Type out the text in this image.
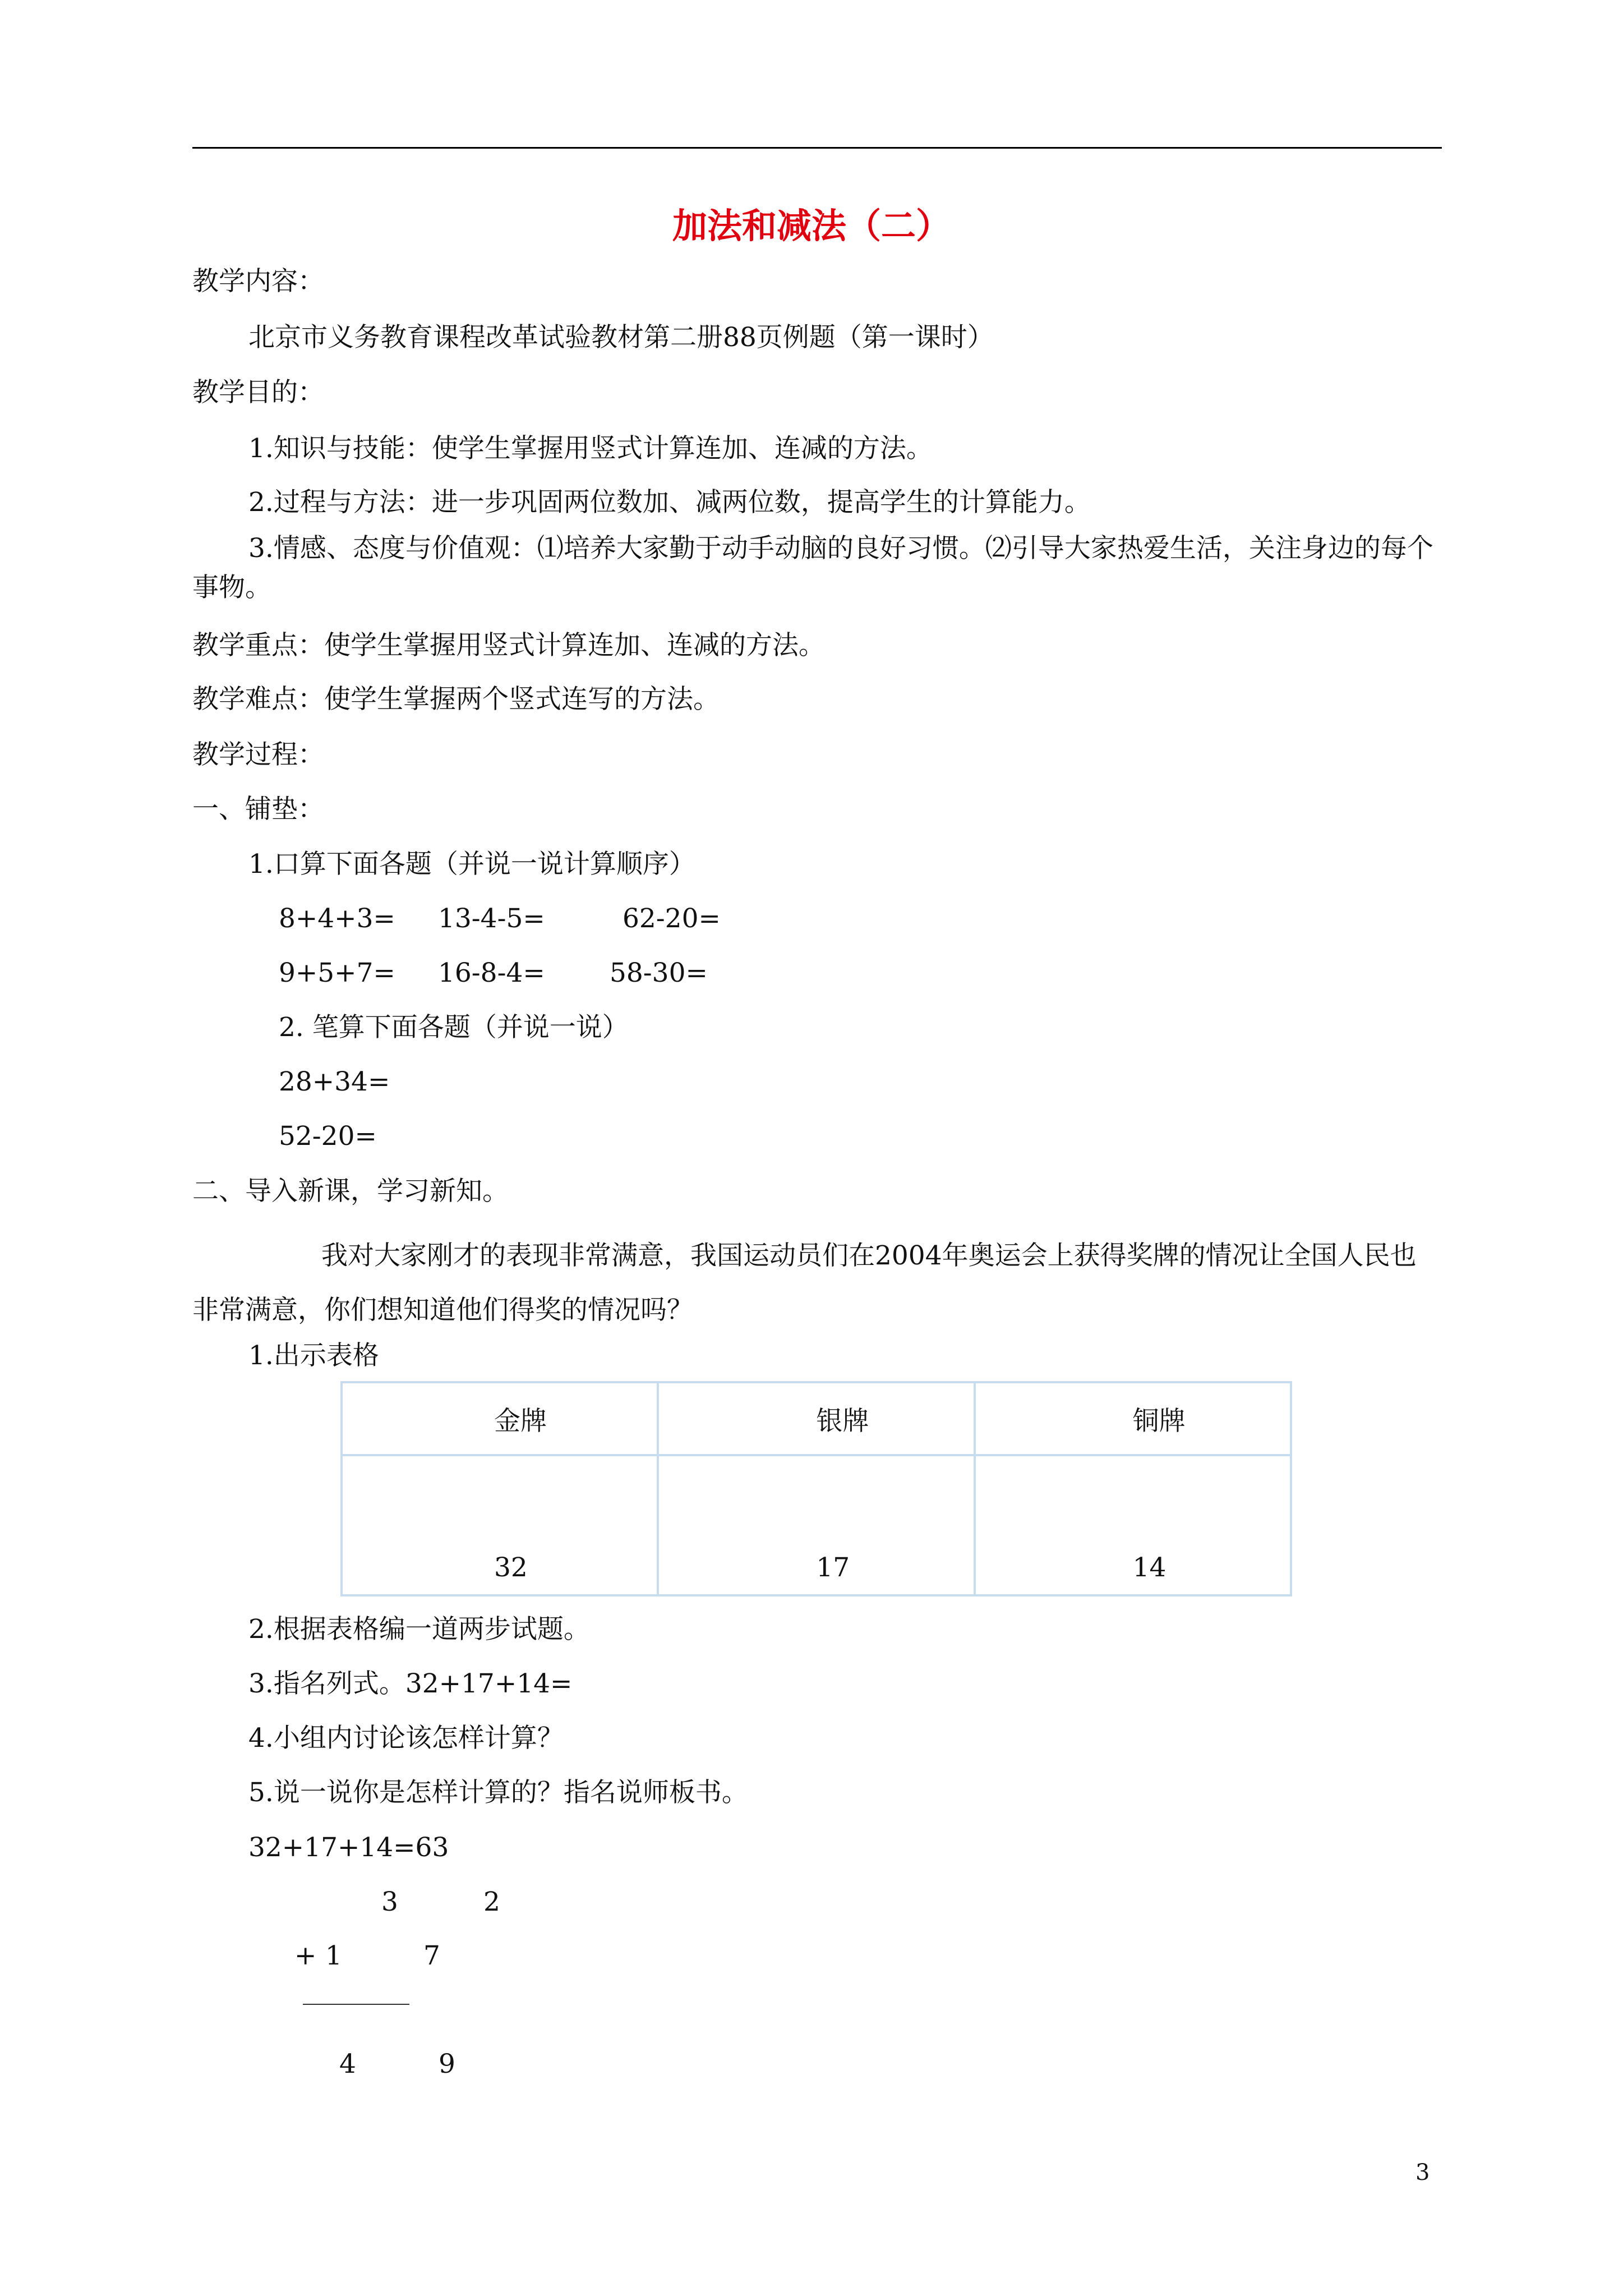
加法和减法（二）
教学内容：
北京市义务教育课程改革试验教材第二册88页例题（第一课时）
教学目的：
1.知识与技能：使学生掌握用竖式计算连加、连减的方法。
2.过程与方法：进一步巩固两位数加、减两位数，提高学生的计算能力。
3.情感、态度与价值观：⑴培养大家勤于动手动脑的良好习惯。⑵引导大家热爱生活，关注身边的每个事物。
教学重点：使学生掌握用竖式计算连加、连减的方法。
教学难点：使学生掌握两个竖式连写的方法。
教学过程：
一、铺垫：
1.口算下面各题（并说一说计算顺序）
8+4+3= 13-4-5=	62-20=
9+5+7= 16-8-4= 58-30=
2. 笔算下面各题（并说一说）
28+34=
52-20=
二、导入新课，学习新知。
我对大家刚才的表现非常满意，我国运动员们在2004年奥运会上获得奖牌的情况让全国人民也非常满意，你们想知道他们得奖的情况吗？
1.出示表格
金牌	银牌	铜牌
32	17	14
2.根据表格编一道两步试题。
3.指名列式。32+17+14=
4.小组内讨论该怎样计算？
5.说一说你是怎样计算的？指名说师板书。
32+17+14=63
3	2
+ 1	7
4	9
3
